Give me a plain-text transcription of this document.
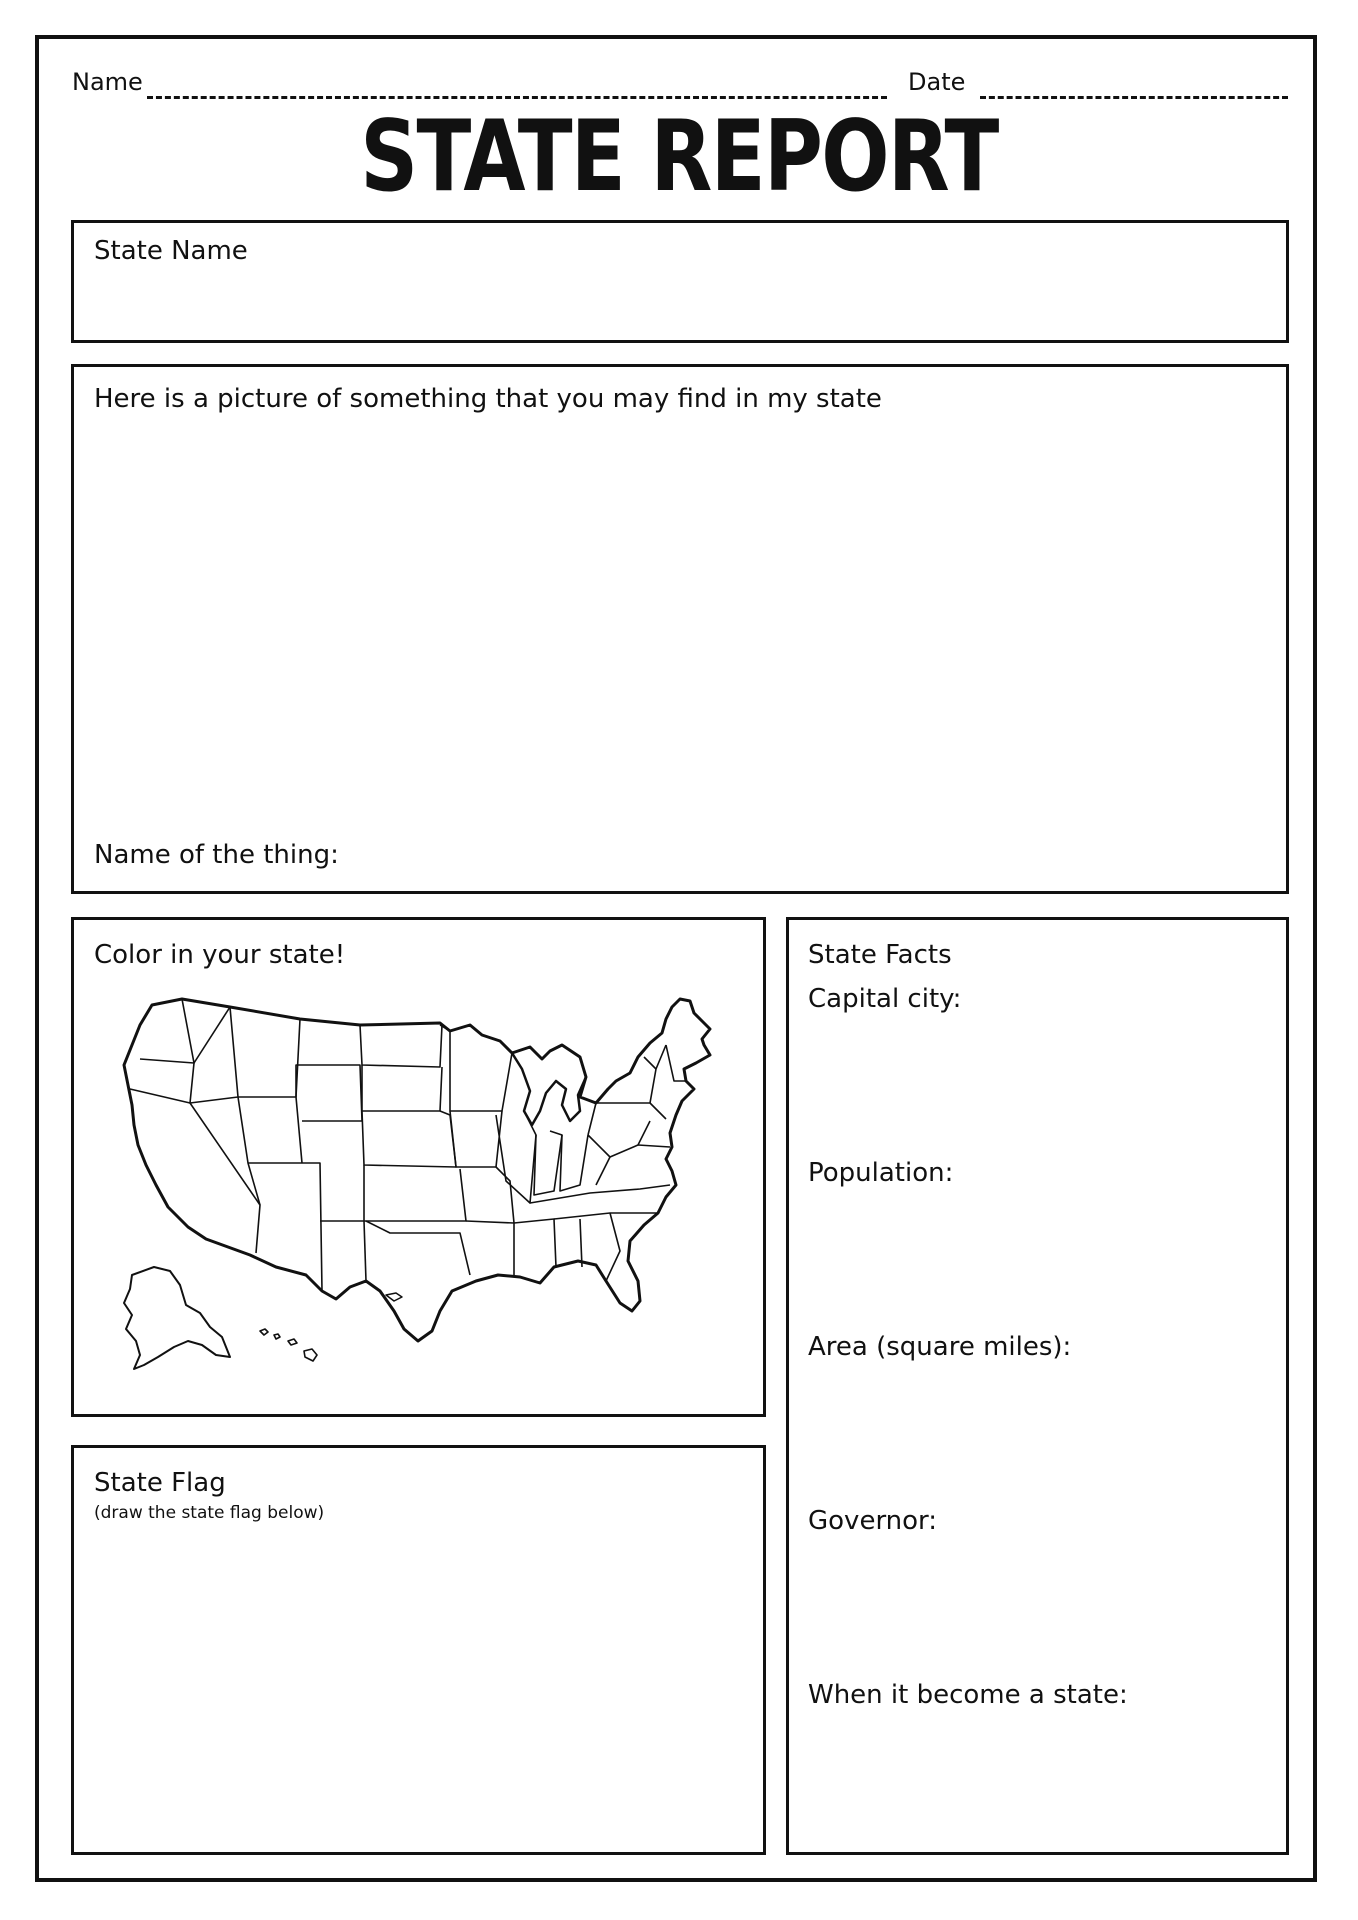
Name	Date
STATE REPORT
State Name
Here is a picture of something that you may find in my state
Name of the thing:
Color in your state!
State Flag
(draw the state flag below)
State Facts
Capital city:
Population:
Area (square miles):
Governor:
When it become a state:
